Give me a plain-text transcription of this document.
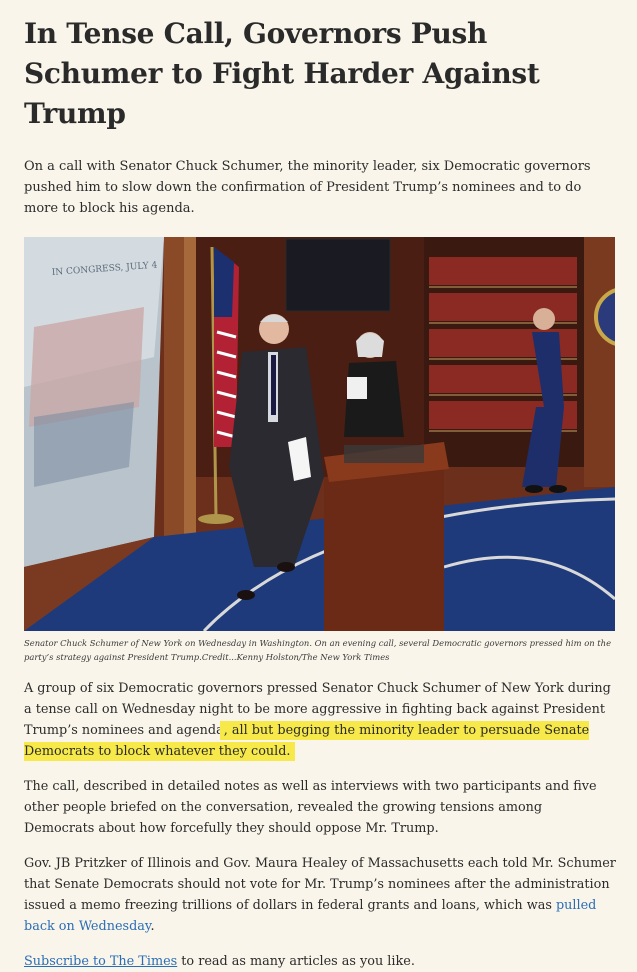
In Tense Call, Governors Push Schumer to Fight Harder Against Trump

On a call with Senator Chuck Schumer, the minority leader, six Democratic governors pushed him to slow down the confirmation of President Trump’s nominees and to do more to block his agenda.

IN CONGRESS, JULY 4

Senator Chuck Schumer of New York on Wednesday in Washington. On an evening call, several Democratic governors pressed him on the party’s strategy against President Trump.Credit...Kenny Holston/The New York Times

A group of six Democratic governors pressed Senator Chuck Schumer of New York during a tense call on Wednesday night to be more aggressive in fighting back against President Trump’s nominees and agenda, all but begging the minority leader to persuade Senate Democrats to block whatever they could.

The call, described in detailed notes as well as interviews with two participants and five other people briefed on the conversation, revealed the growing tensions among Democrats about how forcefully they should oppose Mr. Trump.

Gov. JB Pritzker of Illinois and Gov. Maura Healey of Massachusetts each told Mr. Schumer that Senate Democrats should not vote for Mr. Trump’s nominees after the administration issued a memo freezing trillions of dollars in federal grants and loans, which was pulled back on Wednesday.

Subscribe to The Times to read as many articles as you like.
